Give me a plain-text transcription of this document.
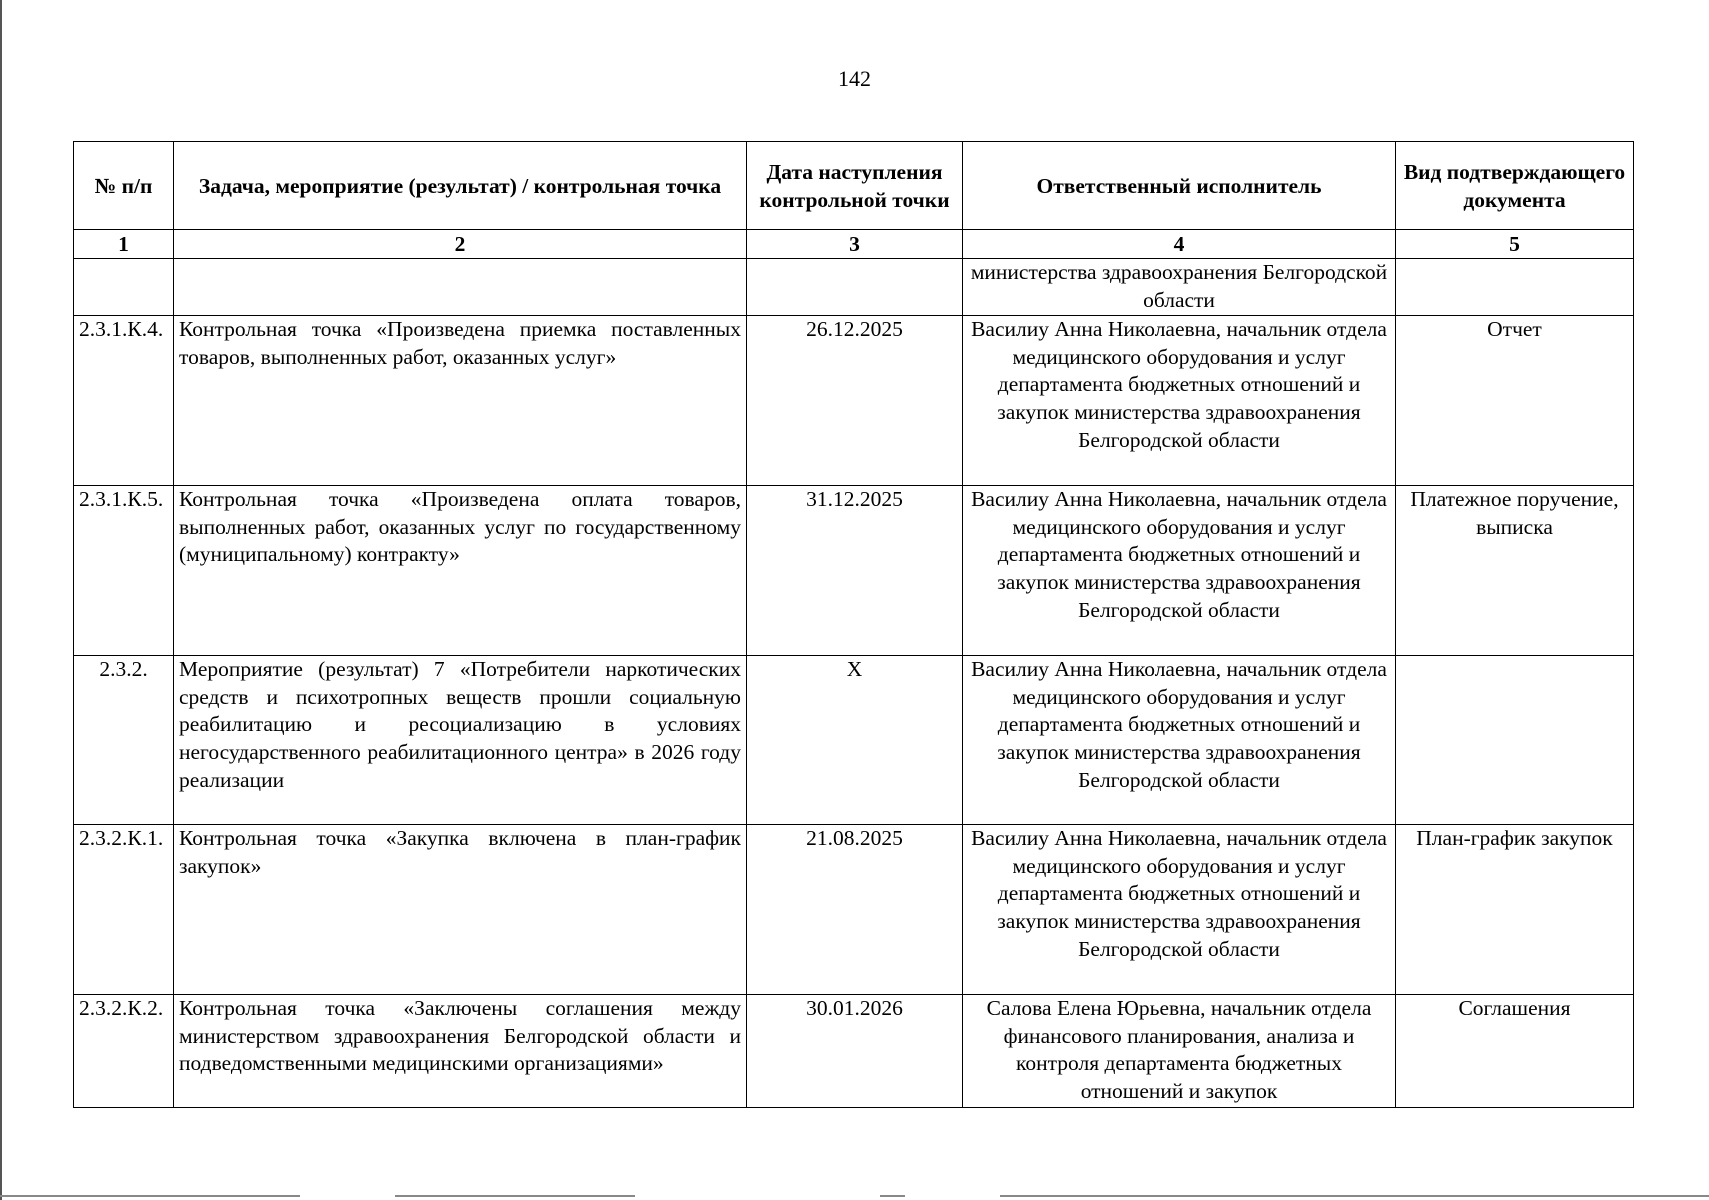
142
№ п/п	Задача, мероприятие (результат) / контрольная точка	Дата наступления контрольной точки	Ответственный исполнитель	Вид подтверждающего документа
1	2	3	4	5
			министерства здравоохранения Белгородской области	
2.3.1.К.4.	Контрольная точка «Произведена приемка поставленных товаров, выполненных работ, оказанных услуг»	26.12.2025	Василиу Анна Николаевна, начальник отдела медицинского оборудования и услуг департамента бюджетных отношений и закупок министерства здравоохранения Белгородской области	Отчет
2.3.1.К.5.	Контрольная точка «Произведена оплата товаров, выполненных работ, оказанных услуг по государственному (муниципальному) контракту»	31.12.2025	Василиу Анна Николаевна, начальник отдела медицинского оборудования и услуг департамента бюджетных отношений и закупок министерства здравоохранения Белгородской области	Платежное поручение, выписка
2.3.2.	Мероприятие (результат) 7 «Потребители наркотических средств и психотропных веществ прошли социальную реабилитацию и ресоциализацию в условиях негосударственного реабилитационного центра» в 2026 году реализации	Х	Василиу Анна Николаевна, начальник отдела медицинского оборудования и услуг департамента бюджетных отношений и закупок министерства здравоохранения Белгородской области	
2.3.2.К.1.	Контрольная точка «Закупка включена в план-график закупок»	21.08.2025	Василиу Анна Николаевна, начальник отдела медицинского оборудования и услуг департамента бюджетных отношений и закупок министерства здравоохранения Белгородской области	План-график закупок
2.3.2.К.2.	Контрольная точка «Заключены соглашения между министерством здравоохранения Белгородской области и подведомственными медицинскими организациями»	30.01.2026	Салова Елена Юрьевна, начальник отдела финансового планирования, анализа и контроля департамента бюджетных отношений и закупок	Соглашения
